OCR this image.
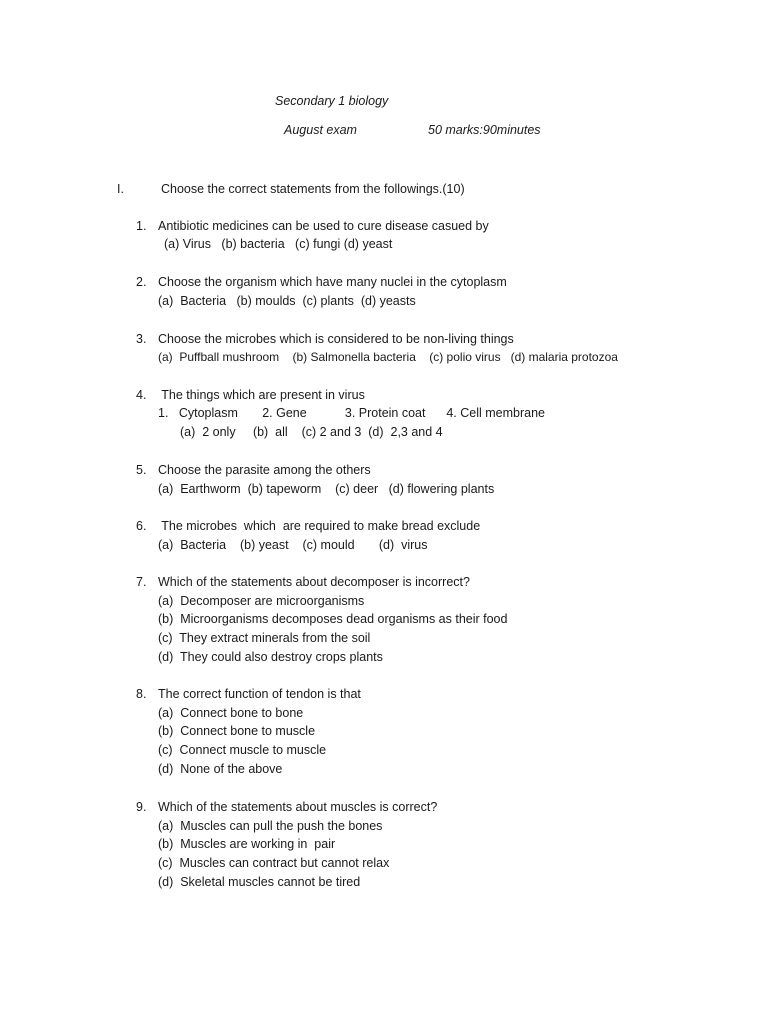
Secondary 1 biology
August exam	50 marks:90minutes
I.	Choose the correct statements from the followings.(10)
1. Antibiotic medicines can be used to cure disease casued by
(a) Virus   (b) bacteria   (c) fungi (d) yeast
2. Choose the organism which have many nuclei in the cytoplasm
(a)  Bacteria   (b) moulds  (c) plants  (d) yeasts
3. Choose the microbes which is considered to be non-living things
(a)  Puffball mushroom    (b) Salmonella bacteria    (c) polio virus   (d) malaria protozoa
4. The things which are present in virus
1.   Cytoplasm       2. Gene           3. Protein coat      4. Cell membrane
(a)  2 only     (b)  all    (c) 2 and 3  (d)  2,3 and 4
5. Choose the parasite among the others
(a)  Earthworm  (b) tapeworm    (c) deer   (d) flowering plants
6. The microbes  which  are required to make bread exclude
(a)  Bacteria    (b) yeast    (c) mould       (d)  virus
7. Which of the statements about decomposer is incorrect?
(a)  Decomposer are microorganisms
(b)  Microorganisms decomposes dead organisms as their food
(c)  They extract minerals from the soil
(d)  They could also destroy crops plants
8. The correct function of tendon is that
(a)  Connect bone to bone
(b)  Connect bone to muscle
(c)  Connect muscle to muscle
(d)  None of the above
9. Which of the statements about muscles is correct?
(a)  Muscles can pull the push the bones
(b)  Muscles are working in  pair
(c)  Muscles can contract but cannot relax
(d)  Skeletal muscles cannot be tired
